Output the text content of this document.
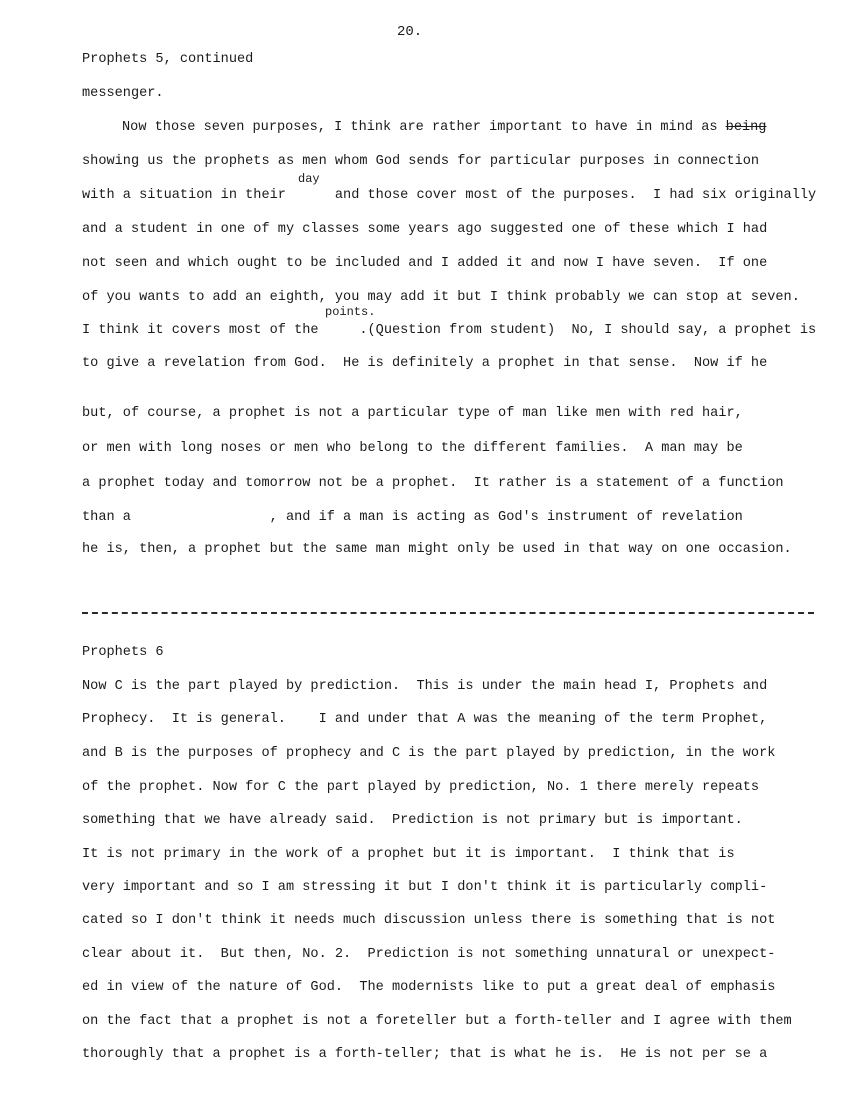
20.
Prophets 5, continued
messenger.
Now those seven purposes, I think are rather important to have in mind as being
showing us the prophets as men whom God sends for particular purposes in connection
day
with a situation in their      and those cover most of the purposes.  I had six originally
and a student in one of my classes some years ago suggested one of these which I had
not seen and which ought to be included and I added it and now I have seven.  If one
of you wants to add an eighth, you may add it but I think probably we can stop at seven.
points.
I think it covers most of the     .(Question from student)  No, I should say, a prophet is
to give a revelation from God.  He is definitely a prophet in that sense.  Now if he
but, of course, a prophet is not a particular type of man like men with red hair,
or men with long noses or men who belong to the different families.  A man may be
a prophet today and tomorrow not be a prophet.  It rather is a statement of a function
than a                 , and if a man is acting as God's instrument of revelation
he is, then, a prophet but the same man might only be used in that way on one occasion.
Prophets 6
Now C is the part played by prediction.  This is under the main head I, Prophets and
Prophecy.  It is general.    I and under that A was the meaning of the term Prophet,
and B is the purposes of prophecy and C is the part played by prediction, in the work
of the prophet. Now for C the part played by prediction, No. 1 there merely repeats
something that we have already said.  Prediction is not primary but is important.
It is not primary in the work of a prophet but it is important.  I think that is
very important and so I am stressing it but I don't think it is particularly compli-
cated so I don't think it needs much discussion unless there is something that is not
clear about it.  But then, No. 2.  Prediction is not something unnatural or unexpect-
ed in view of the nature of God.  The modernists like to put a great deal of emphasis
on the fact that a prophet is not a foreteller but a forth-teller and I agree with them
thoroughly that a prophet is a forth-teller; that is what he is.  He is not per se a
